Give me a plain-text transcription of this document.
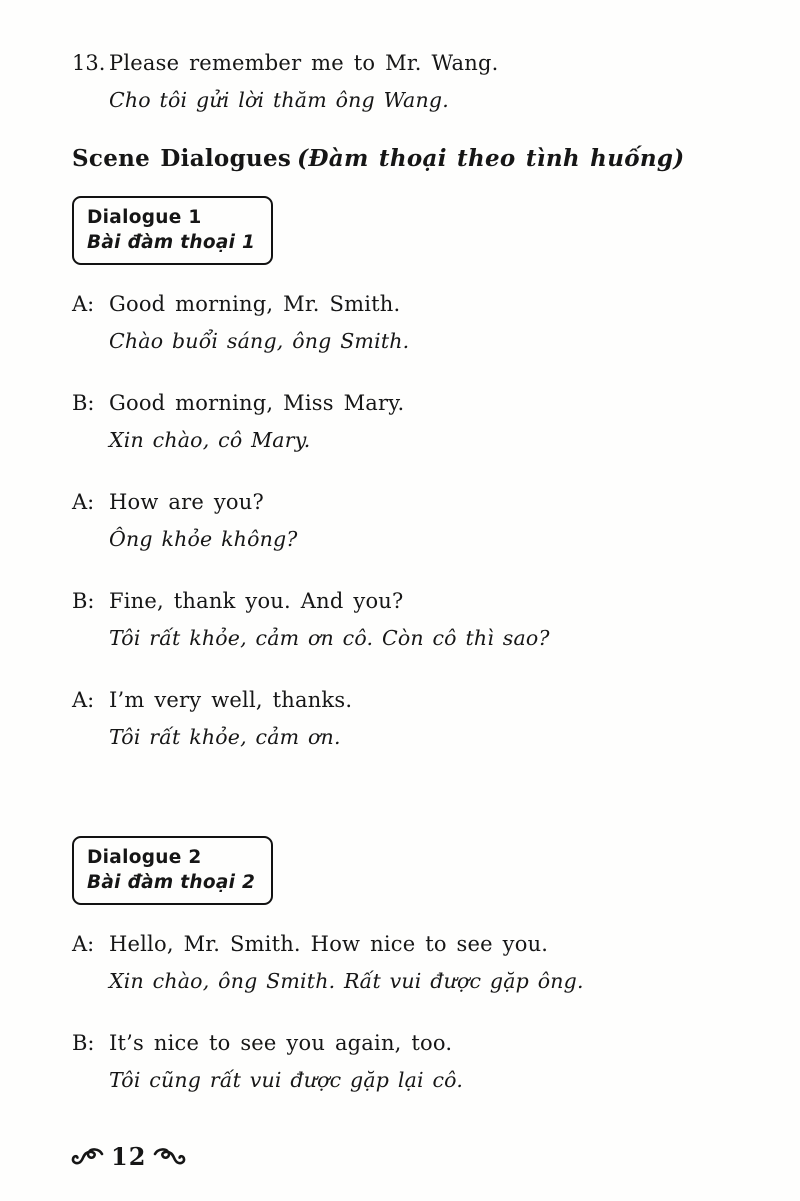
13. Please remember me to Mr. Wang.
Cho tôi gửi lời thăm ông Wang.
Scene Dialogues (Đàm thoại theo tình huống)
Dialogue 1
Bài đàm thoại 1
A: Good morning, Mr. Smith.
Chào buổi sáng, ông Smith.
B: Good morning, Miss Mary.
Xin chào, cô Mary.
A: How are you?
Ông khỏe không?
B: Fine, thank you. And you?
Tôi rất khỏe, cảm ơn cô. Còn cô thì sao?
A: I’m very well, thanks.
Tôi rất khỏe, cảm ơn.
Dialogue 2
Bài đàm thoại 2
A: Hello, Mr. Smith. How nice to see you.
Xin chào, ông Smith. Rất vui được gặp ông.
B: It’s nice to see you again, too.
Tôi cũng rất vui được gặp lại cô.
12
